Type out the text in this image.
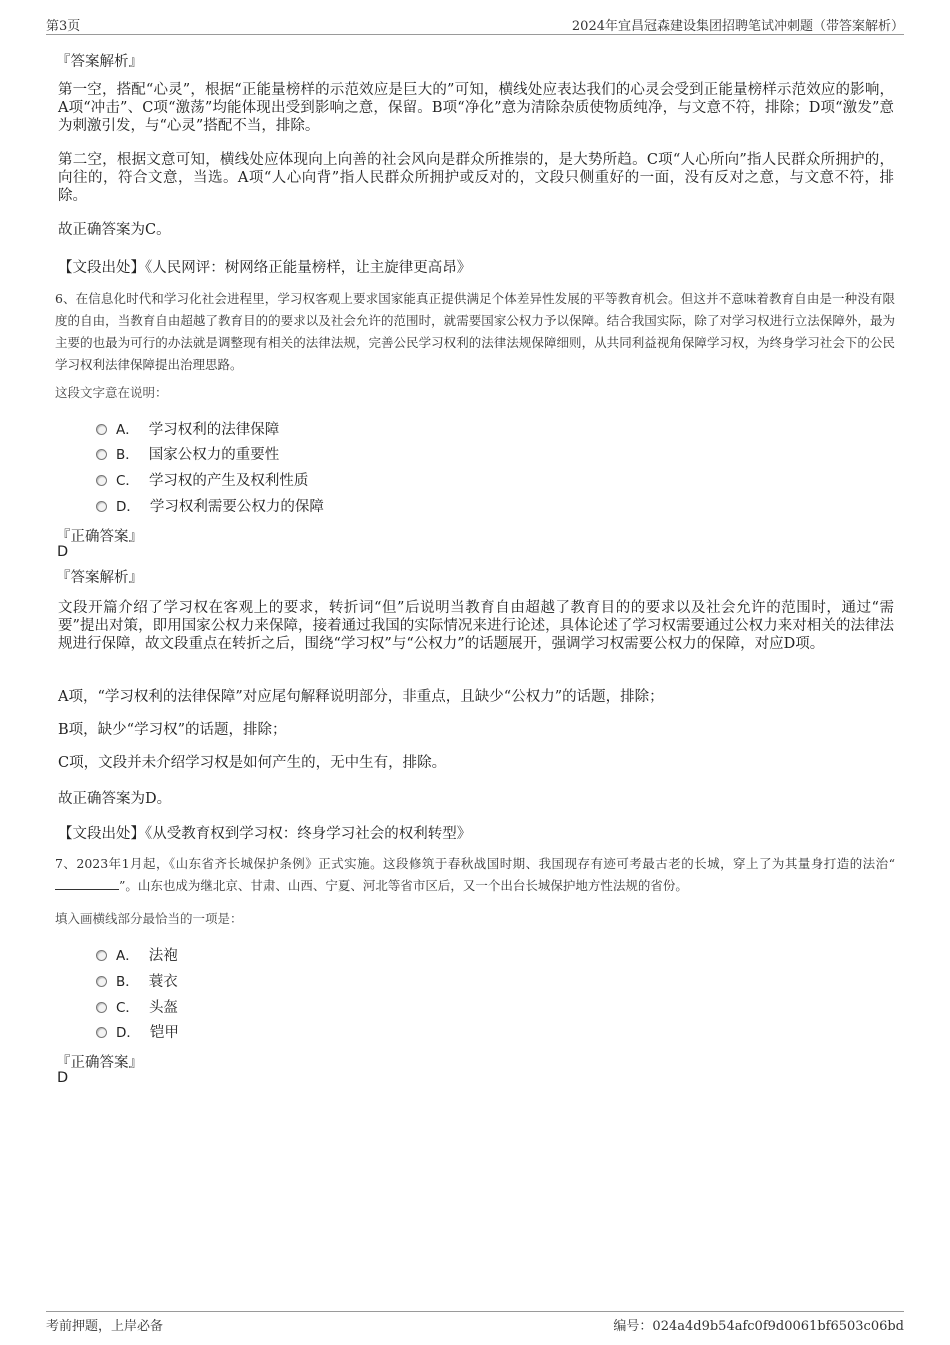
第3页	2024年宜昌冠森建设集团招聘笔试冲刺题（带答案解析）
『答案解析』

第一空，搭配“心灵”，根据“正能量榜样的示范效应是巨大的”可知，横线处应表达我们的心灵会受到正能量榜样示范效应的影响，A项“冲击”、C项“激荡”均能体现出受到影响之意，保留。B项“净化”意为清除杂质使物质纯净，与文意不符，排除；D项“激发”意为刺激引发，与“心灵”搭配不当，排除。

第二空，根据文意可知，横线处应体现向上向善的社会风向是群众所推崇的，是大势所趋。C项“人心所向”指人民群众所拥护的，向往的，符合文意，当选。A项“人心向背”指人民群众所拥护或反对的，文段只侧重好的一面，没有反对之意，与文意不符，排除。

故正确答案为C。
【文段出处】《人民网评：树网络正能量榜样，让主旋律更高昂》

6、在信息化时代和学习化社会进程里，学习权客观上要求国家能真正提供满足个体差异性发展的平等教育机会。但这并不意味着教育自由是一种没有限度的自由，当教育自由超越了教育目的的要求以及社会允许的范围时，就需要国家公权力予以保障。结合我国实际，除了对学习权进行立法保障外，最为主要的也最为可行的办法就是调整现有相关的法律法规，完善公民学习权利的法律法规保障细则，从共同利益视角保障学习权，为终身学习社会下的公民学习权利法律保障提出治理思路。

这段文字意在说明：
A． 学习权利的法律保障
B． 国家公权力的重要性
C． 学习权的产生及权利性质
D． 学习权利需要公权力的保障
『正确答案』
D
『答案解析』

文段开篇介绍了学习权在客观上的要求，转折词“但”后说明当教育自由超越了教育目的的要求以及社会允许的范围时，通过“需要”提出对策，即用国家公权力来保障，接着通过我国的实际情况来进行论述，具体论述了学习权需要通过公权力来对相关的法律法规进行保障，故文段重点在转折之后，围绕“学习权”与“公权力”的话题展开，强调学习权需要公权力的保障，对应D项。

A项，“学习权利的法律保障”对应尾句解释说明部分，非重点，且缺少“公权力”的话题，排除；
B项，缺少“学习权”的话题，排除；
C项，文段并未介绍学习权是如何产生的，无中生有，排除。
故正确答案为D。
【文段出处】《从受教育权到学习权：终身学习社会的权利转型》

7、2023年1月起，《山东省齐长城保护条例》正式实施。这段修筑于春秋战国时期、我国现存有迹可考最古老的长城，穿上了为其量身打造的法治“ ”。山东也成为继北京、甘肃、山西、宁夏、河北等省市区后，又一个出台长城保护地方性法规的省份。

填入画横线部分最恰当的一项是：
A． 法袍
B． 蓑衣
C． 头盔
D． 铠甲
『正确答案』
D
考前押题，上岸必备	编号：024a4d9b54afc0f9d0061bf6503c06bd
